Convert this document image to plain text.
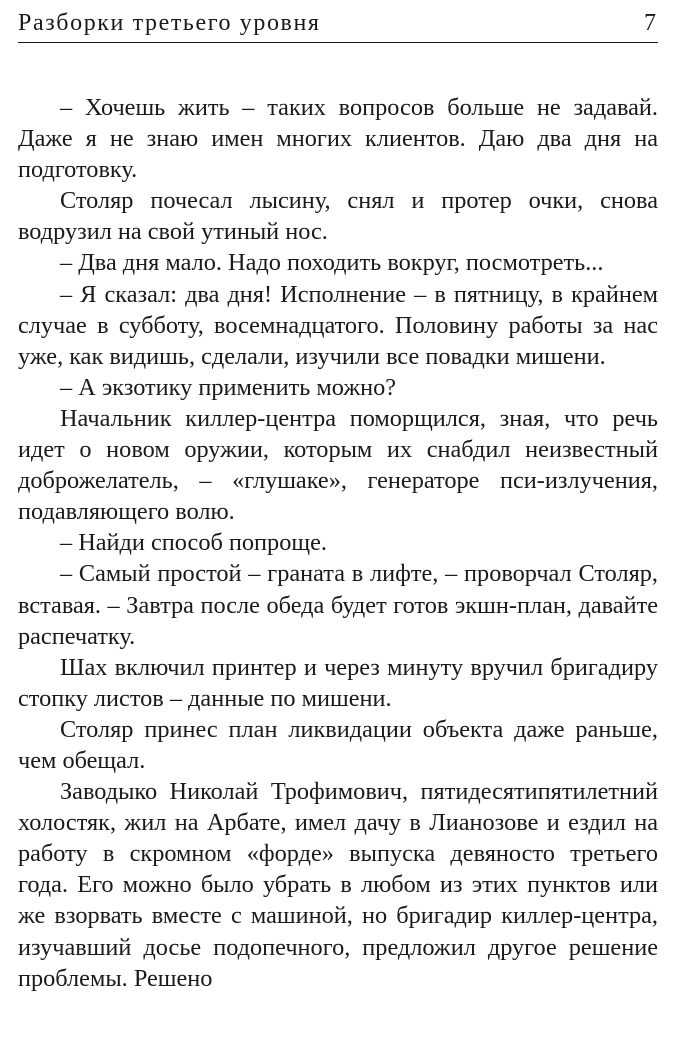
Разборки третьего уровня	7

– Хочешь жить – таких вопросов больше не задавай. Даже я не знаю имен многих клиентов. Даю два дня на подготовку.

Столяр почесал лысину, снял и протер очки, снова водрузил на свой утиный нос.

– Два дня мало. Надо походить вокруг, посмотреть...

– Я сказал: два дня! Исполнение – в пятницу, в крайнем случае в субботу, восемнадцатого. Половину работы за нас уже, как видишь, сделали, изучили все повадки мишени.

– А экзотику применить можно?

Начальник киллер-центра поморщился, зная, что речь идет о новом оружии, которым их снабдил неизвестный доброжелатель, – «глушаке», генераторе пси-излучения, подавляющего волю.

– Найди способ попроще.

– Самый простой – граната в лифте, – проворчал Столяр, вставая. – Завтра после обеда будет готов экшн-план, давайте распечатку.

Шах включил принтер и через минуту вручил бригадиру стопку листов – данные по мишени.

Столяр принес план ликвидации объекта даже раньше, чем обещал.

Заводыко Николай Трофимович, пятидесятипятилетний холостяк, жил на Арбате, имел дачу в Лианозове и ездил на работу в скромном «форде» выпуска девяносто третьего года. Его можно было убрать в любом из этих пунктов или же взорвать вместе с машиной, но бригадир киллер-центра, изучавший досье подопечного, предложил другое решение проблемы. Решено
